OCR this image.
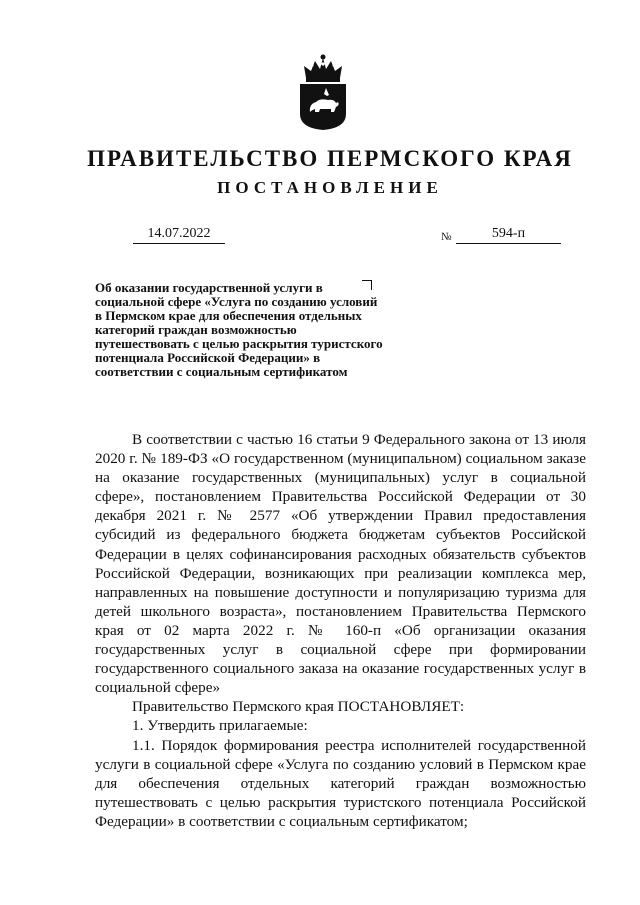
ПРАВИТЕЛЬСТВО ПЕРМСКОГО КРАЯ
ПОСТАНОВЛЕНИЕ
14.07.2022	№	594-п
Об оказании государственной услуги в социальной сфере «Услуга по созданию условий в Пермском крае для обеспечения отдельных категорий граждан возможностью путешествовать с целью раскрытия туристского потенциала Российской Федерации» в соответствии с социальным сертификатом

В соответствии с частью 16 статьи 9 Федерального закона от 13 июля 2020 г. № 189-ФЗ «О государственном (муниципальном) социальном заказе на оказание государственных (муниципальных) услуг в социальной сфере», постановлением Правительства Российской Федерации от 30 декабря 2021 г. № 2577 «Об утверждении Правил предоставления субсидий из федерального бюджета бюджетам субъектов Российской Федерации в целях софинансирования расходных обязательств субъектов Российской Федерации, возникающих при реализации комплекса мер, направленных на повышение доступности и популяризацию туризма для детей школьного возраста», постановлением Правительства Пермского края от 02 марта 2022 г. № 160-п «Об организации оказания государственных услуг в социальной сфере при формировании государственного социального заказа на оказание государственных услуг в социальной сфере»

Правительство Пермского края ПОСТАНОВЛЯЕТ:

1. Утвердить прилагаемые:

1.1. Порядок формирования реестра исполнителей государственной услуги в социальной сфере «Услуга по созданию условий в Пермском крае для обеспечения отдельных категорий граждан возможностью путешествовать с целью раскрытия туристского потенциала Российской Федерации» в соответствии с социальным сертификатом;
